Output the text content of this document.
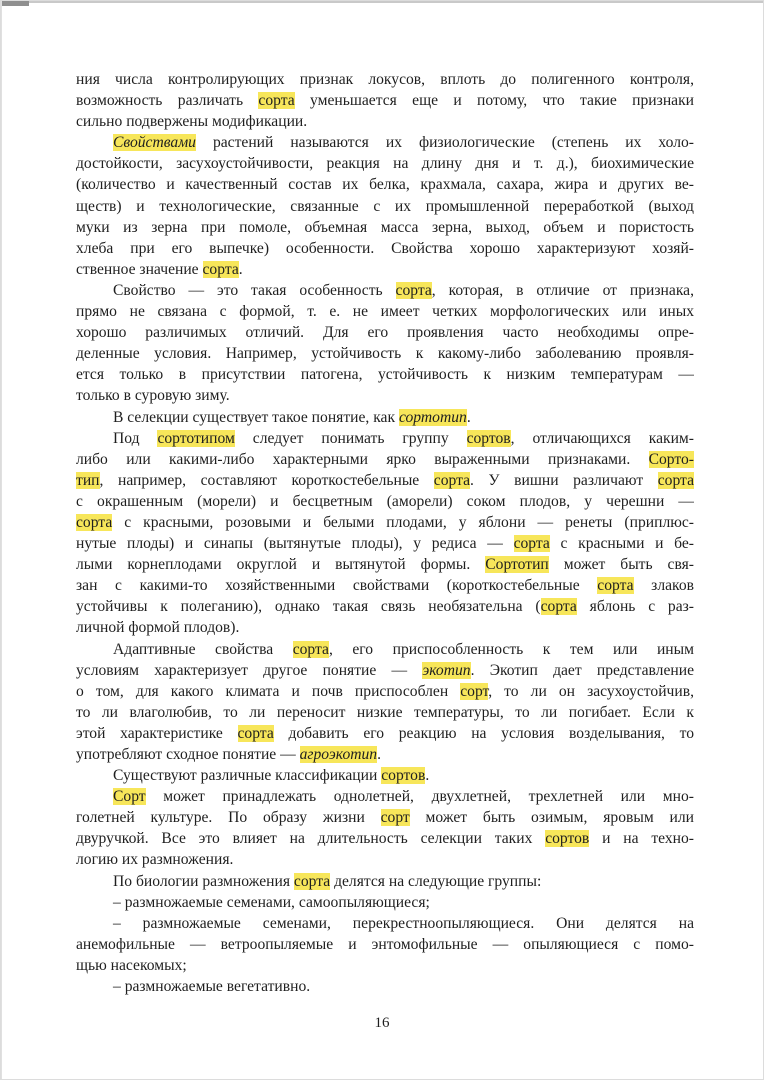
ния числа контролирующих признак локусов, вплоть до полигенного контроля,
возможность различать сорта уменьшается еще и потому, что такие признаки
сильно подвержены модификации.
Свойствами растений называются их физиологические (степень их холо-
достойкости, засухоустойчивости, реакция на длину дня и т. д.), биохимические
(количество и качественный состав их белка, крахмала, сахара, жира и других ве-
ществ) и технологические, связанные с их промышленной переработкой (выход
муки из зерна при помоле, объемная масса зерна, выход, объем и пористость
хлеба при его выпечке) особенности. Свойства хорошо характеризуют хозяй-
ственное значение сорта.
Свойство — это такая особенность сорта, которая, в отличие от признака,
прямо не связана с формой, т. е. не имеет четких морфологических или иных
хорошо различимых отличий. Для его проявления часто необходимы опре-
деленные условия. Например, устойчивость к какому-либо заболеванию проявля-
ется только в присутствии патогена, устойчивость к низким температурам —
только в суровую зиму.
В селекции существует такое понятие, как сортотип.
Под сортотипом следует понимать группу сортов, отличающихся каким-
либо или какими-либо характерными ярко выраженными признаками. Сорто-
тип, например, составляют короткостебельные сорта. У вишни различают сорта
с окрашенным (морели) и бесцветным (аморели) соком плодов, у черешни —
сорта с красными, розовыми и белыми плодами, у яблони — ренеты (приплюс-
нутые плоды) и синапы (вытянутые плоды), у редиса — сорта с красными и бе-
лыми корнеплодами округлой и вытянутой формы. Сортотип может быть свя-
зан с какими-то хозяйственными свойствами (короткостебельные сорта злаков
устойчивы к полеганию), однако такая связь необязательна (сорта яблонь с раз-
личной формой плодов).
Адаптивные свойства сорта, его приспособленность к тем или иным
условиям характеризует другое понятие — экотип. Экотип дает представление
о том, для какого климата и почв приспособлен сорт, то ли он засухоустойчив,
то ли влаголюбив, то ли переносит низкие температуры, то ли погибает. Если к
этой характеристике сорта добавить его реакцию на условия возделывания, то
употребляют сходное понятие — агроэкотип.
Существуют различные классификации сортов.
Сорт может принадлежать однолетней, двухлетней, трехлетней или мно-
голетней культуре. По образу жизни сорт может быть озимым, яровым или
двуручкой. Все это влияет на длительность селекции таких сортов и на техно-
логию их размножения.
По биологии размножения сорта делятся на следующие группы:
– размножаемые семенами, самоопыляющиеся;
– размножаемые семенами, перекрестноопыляющиеся. Они делятся на
анемофильные — ветроопыляемые и энтомофильные — опыляющиеся с помо-
щью насекомых;
– размножаемые вегетативно.
16
